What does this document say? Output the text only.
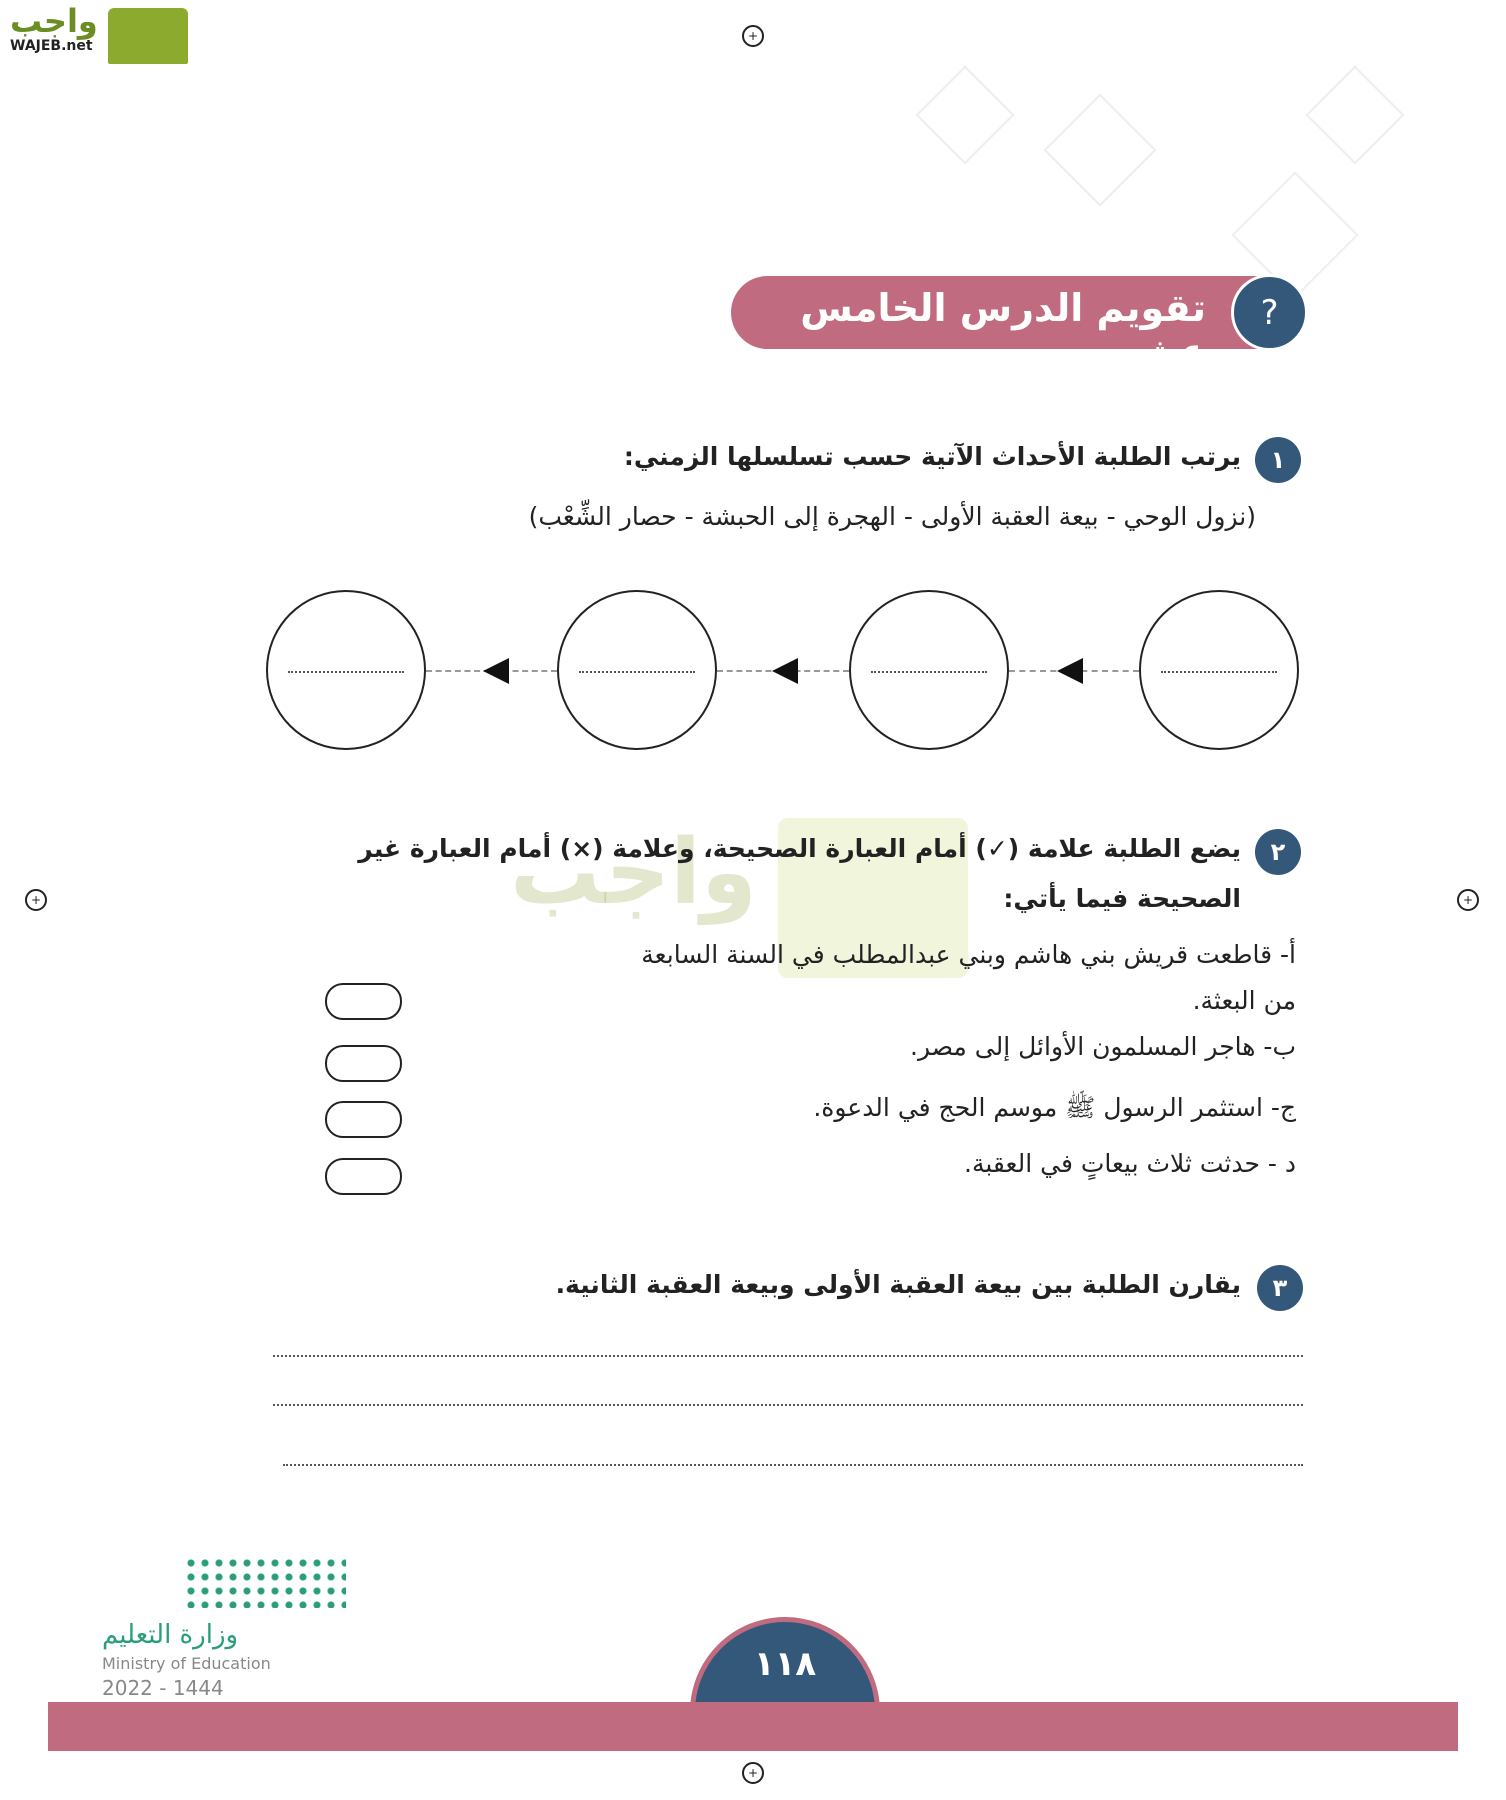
واجب
WAJEB.net
+
+	+
تقويم الدرس الخامس عشر
?
١
يرتب الطلبة الأحداث الآتية حسب تسلسلها الزمني:
(نزول الوحي - بيعة العقبة الأولى - الهجرة إلى الحبشة - حصار الشِّعْب)
واجب	٢
يضع الطلبة علامة (✓) أمام العبارة الصحيحة، وعلامة (×) أمام العبارة غير
الصحيحة فيما يأتي:
أ- قاطعت قريش بني هاشم وبني عبدالمطلب في السنة السابعة
من البعثة.
ب- هاجر المسلمون الأوائل إلى مصر.
ج- استثمر الرسول ﷺ موسم الحج في الدعوة.
د - حدثت ثلاث بيعاتٍ في العقبة.
٣
يقارن الطلبة بين بيعة العقبة الأولى وبيعة العقبة الثانية.
وزارة التعليم
Ministry of Education
2022 - 1444
١١٨
+
